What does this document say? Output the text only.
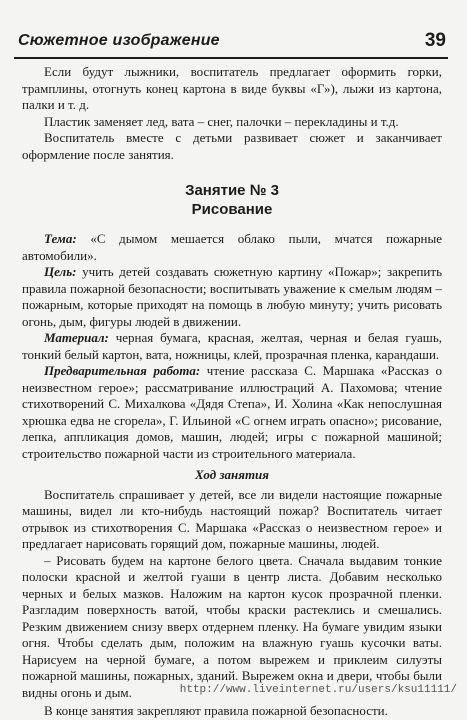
Сюжетное изображение	39

Если будут лыжники, воспитатель предлагает оформить горки, трамплины, отогнуть конец картона в виде буквы «Г»), лыжи из картона, палки и т. д.

Пластик заменяет лед, вата – снег, палочки – перекладины и т.д.

Воспитатель вместе с детьми развивает сюжет и заканчивает оформление после занятия.

Занятие № 3
Рисование

Тема: «С дымом мешается облако пыли, мчатся пожарные автомобили».

Цель: учить детей создавать сюжетную картину «Пожар»; закрепить правила пожарной безопасности; воспитывать уважение к смелым людям – пожарным, которые приходят на помощь в любую минуту; учить рисовать огонь, дым, фигуры людей в движении.

Материал: черная бумага, красная, желтая, черная и белая гуашь, тонкий белый картон, вата, ножницы, клей, прозрачная пленка, карандаши.

Предварительная работа: чтение рассказа С. Маршака «Рассказ о неизвестном герое»; рассматривание иллюстраций А. Пахомова; чтение стихотворений С. Михалкова «Дядя Степа», И. Холина «Как непослушная хрюшка едва не сгорела», Г. Ильиной «С огнем играть опасно»; рисование, лепка, аппликация домов, машин, людей; игры с пожарной машиной; строительство пожарной части из строительного материала.

Ход занятия

Воспитатель спрашивает у детей, все ли видели настоящие пожарные машины, видел ли кто-нибудь настоящий пожар? Воспитатель читает отрывок из стихотворения С. Маршака «Рассказ о неизвестном герое» и предлагает нарисовать горящий дом, пожарные машины, людей.

– Рисовать будем на картоне белого цвета. Сначала выдавим тонкие полоски красной и желтой гуаши в центр листа. Добавим несколько черных и белых мазков. Наложим на картон кусок прозрачной пленки. Разгладим поверхность ватой, чтобы краски растеклись и смешались. Резким движением снизу вверх отдернем пленку. На бумаге увидим языки огня. Чтобы сделать дым, положим на влажную гуашь кусочки ваты. Нарисуем на черной бумаге, а потом вырежем и приклеим силуэты пожарной машины, пожарных, зданий. Вырежем окна и двери, чтобы были видны огонь и дым.

В конце занятия закрепляют правила пожарной безопасности.

http://www.liveinternet.ru/users/ksu11111/
